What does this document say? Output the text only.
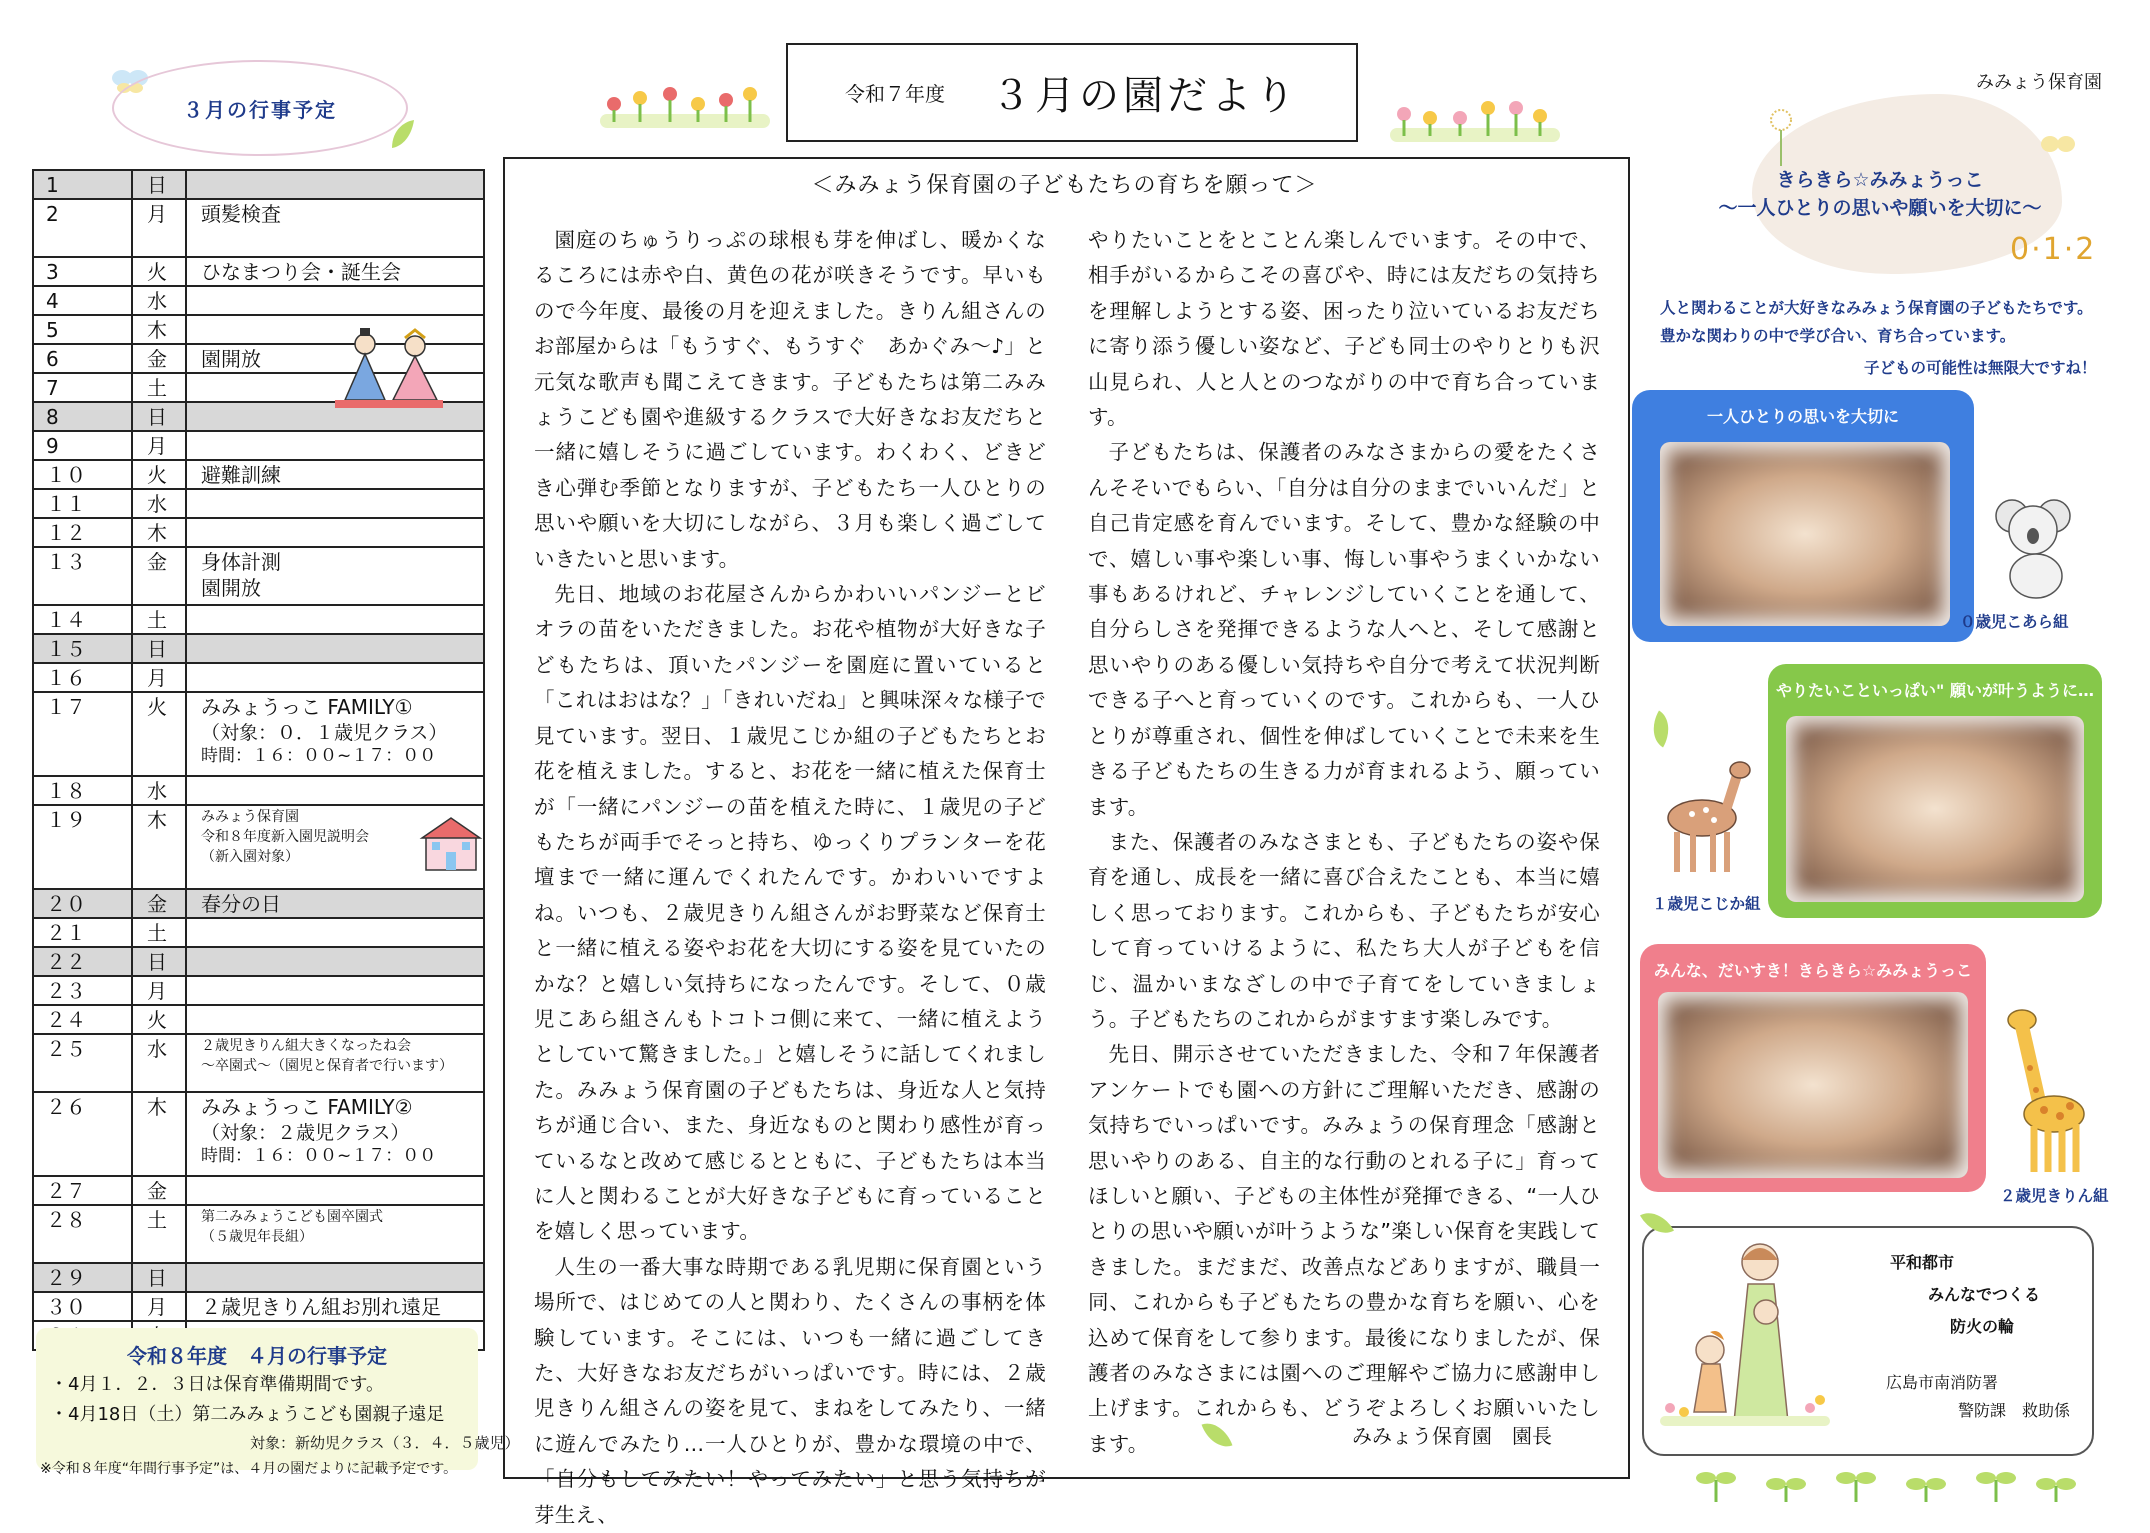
３月の行事予定
1	日	

2	月	頭髪検査

3	火	ひなまつり会・誕生会

4	水	

5	木	

6	金	園開放

7	土	

8	日	

9	月	

１０	火	避難訓練

１１	水	

１２	木	

１３	金	身体計測
園開放

１４	土	

１５	日	

１６	月	

１７	火	みみょうっこ FAMILY①
（対象：０．１歳児クラス）
時間：１６：００~１７：００

１８	水	

１９	木	みみょう保育園
令和８年度新入園児説明会
（新入園対象）

２０	金	春分の日

２１	土	

２２	日	

２３	月	

２４	火	

２５	水	２歳児きりん組大きくなったね会
～卒園式～（園児と保育者で行います）

２６	木	みみょうっこ FAMILY②
（対象：２歳児クラス）
時間：１６：００~１７：００

２７	金	

２８	土	第二みみょうこども園卒園式
（５歳児年長組）

２９	日	

３０	月	２歳児きりん組お別れ遠足

令和８年度　４月の行事予定
・4月１．２．３日は保育準備期間です。
・4月18日（土）第二みみょうこども園親子遠足
対象：新幼児クラス（３．４．５歳児）
※令和８年度“年間行事予定”は、４月の園だよりに記載予定です。
令和７年度 ３月の園だより	みみょう保育園
＜みみょう保育園の子どもたちの育ちを願って＞

園庭のちゅうりっぷの球根も芽を伸ばし、暖かくなるころには赤や白、黄色の花が咲きそうです。早いもので今年度、最後の月を迎えました。きりん組さんのお部屋からは「もうすぐ、もうすぐ　あかぐみ～♪」と元気な歌声も聞こえてきます。子どもたちは第二みみょうこども園や進級するクラスで大好きなお友だちと一緒に嬉しそうに過ごしています。わくわく、どきどき心弾む季節となりますが、子どもたち一人ひとりの思いや願いを大切にしながら、３月も楽しく過ごしていきたいと思います。

先日、地域のお花屋さんからかわいいパンジーとビオラの苗をいただきました。お花や植物が大好きな子どもたちは、頂いたパンジーを園庭に置いていると「これはおはな？」「きれいだね」と興味深々な様子で見ています。翌日、１歳児こじか組の子どもたちとお花を植えました。すると、お花を一緒に植えた保育士が「一緒にパンジーの苗を植えた時に、１歳児の子どもたちが両手でそっと持ち、ゆっくりプランターを花壇まで一緒に運んでくれたんです。かわいいですよね。いつも、２歳児きりん組さんがお野菜など保育士と一緒に植える姿やお花を大切にする姿を見ていたのかな？と嬉しい気持ちになったんです。そして、０歳児こあら組さんもトコトコ側に来て、一緒に植えようとしていて驚きました。」と嬉しそうに話してくれました。みみょう保育園の子どもたちは、身近な人と気持ちが通じ合い、また、身近なものと関わり感性が育っているなと改めて感じるとともに、子どもたちは本当に人と関わることが大好きな子どもに育っていることを嬉しく思っています。

人生の一番大事な時期である乳児期に保育園という場所で、はじめての人と関わり、たくさんの事柄を体験しています。そこには、いつも一緒に過ごしてきた、大好きなお友だちがいっぱいです。時には、２歳児きりん組さんの姿を見て、まねをしてみたり、一緒に遊んでみたり…一人ひとりが、豊かな環境の中で、「自分もしてみたい！やってみたい」と思う気持ちが芽生え、

やりたいことをとことん楽しんでいます。その中で、相手がいるからこその喜びや、時には友だちの気持ちを理解しようとする姿、困ったり泣いているお友だちに寄り添う優しい姿など、子ども同士のやりとりも沢山見られ、人と人とのつながりの中で育ち合っています。

子どもたちは、保護者のみなさまからの愛をたくさんそそいでもらい、「自分は自分のままでいいんだ」と自己肯定感を育んでいます。そして、豊かな経験の中で、嬉しい事や楽しい事、悔しい事やうまくいかない事もあるけれど、チャレンジしていくことを通して、自分らしさを発揮できるような人へと、そして感謝と思いやりのある優しい気持ちや自分で考えて状況判断できる子へと育っていくのです。これからも、一人ひとりが尊重され、個性を伸ばしていくことで未来を生きる子どもたちの生きる力が育まれるよう、願っています。

また、保護者のみなさまとも、子どもたちの姿や保育を通し、成長を一緒に喜び合えたことも、本当に嬉しく思っております。これからも、子どもたちが安心して育っていけるように、私たち大人が子どもを信じ、温かいまなざしの中で子育てをしていきましょう。子どもたちのこれからがますます楽しみです。

先日、開示させていただきました、令和７年保護者アンケートでも園への方針にご理解いただき、感謝の気持ちでいっぱいです。みみょうの保育理念「感謝と思いやりのある、自主的な行動のとれる子に」育ってほしいと願い、子どもの主体性が発揮できる、“一人ひとりの思いや願いが叶うような”楽しい保育を実践してきました。まだまだ、改善点などありますが、職員一同、これからも子どもたちの豊かな育ちを願い、心を込めて保育をして参ります。最後になりましたが、保護者のみなさまには園へのご理解やご協力に感謝申し上げます。これからも、どうぞよろしくお願いいたします。	みみょう保育園　園長
きらきら☆みみょうっこ
～一人ひとりの思いや願いを大切に～
0·1·2
人と関わることが大好きなみみょう保育園の子どもたちです。
豊かな関わりの中で学び合い、育ち合っています。
子どもの可能性は無限大ですね！
一人ひとりの思いを大切に
０歳児こあら組
やりたいこといっぱい" 願いが叶うように…
１歳児こじか組
みんな、だいすき！きらきら☆みみょうっこ
２歳児きりん組
平和都市
みんなでつくる
防火の輪
広島市南消防署
警防課　救助係
